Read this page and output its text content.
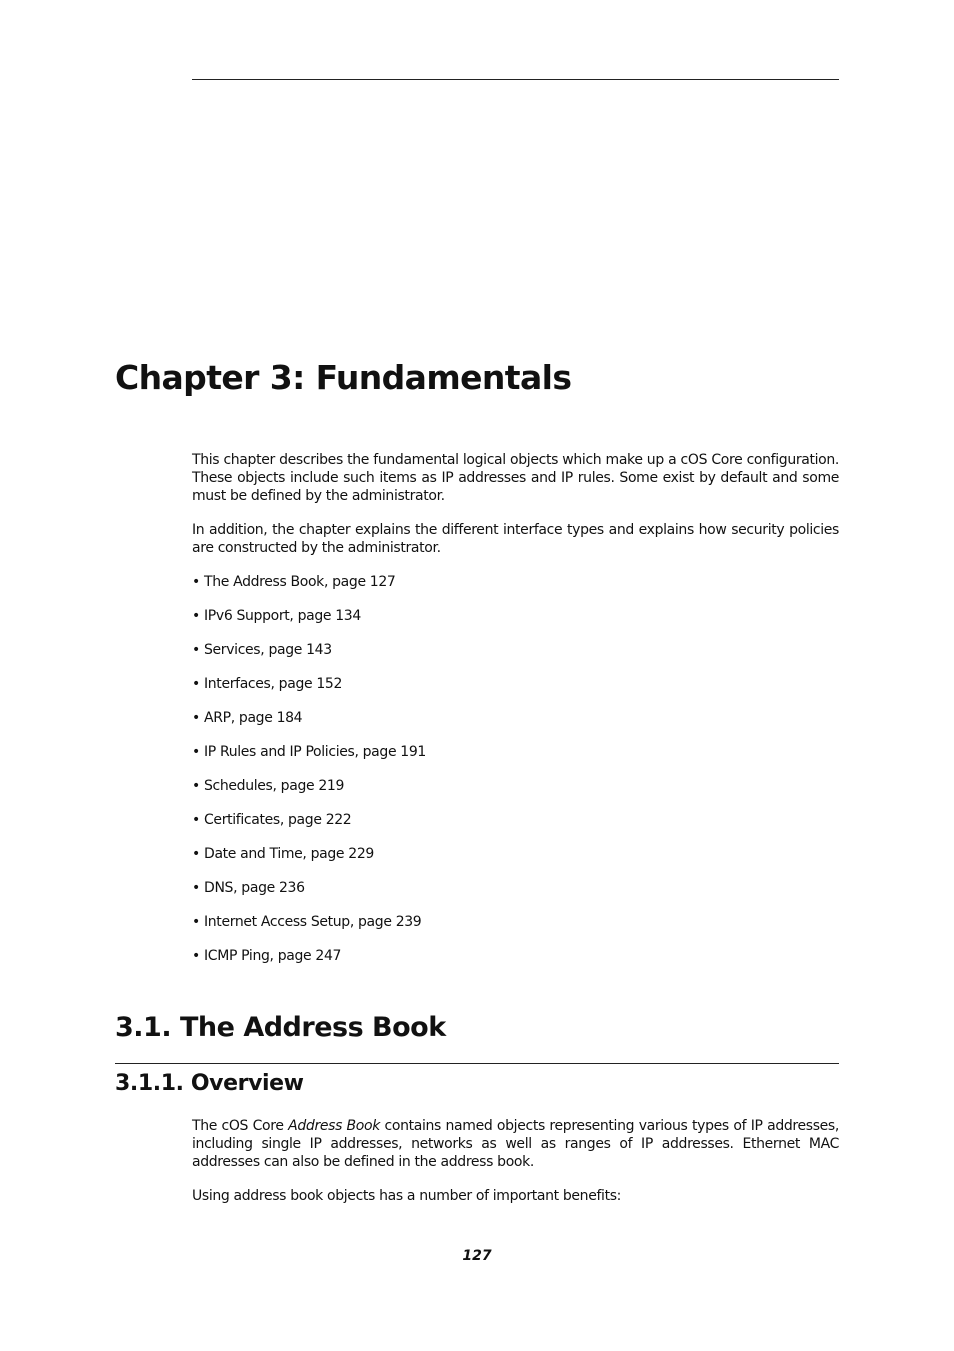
Chapter 3: Fundamentals

This chapter describes the fundamental logical objects which make up a cOS Core configuration. These objects include such items as IP addresses and IP rules. Some exist by default and some must be defined by the administrator.

In addition, the chapter explains the different interface types and explains how security policies are constructed by the administrator.

• The Address Book, page 127
• IPv6 Support, page 134
• Services, page 143
• Interfaces, page 152
• ARP, page 184
• IP Rules and IP Policies, page 191
• Schedules, page 219
• Certificates, page 222
• Date and Time, page 229
• DNS, page 236
• Internet Access Setup, page 239
• ICMP Ping, page 247
3.1. The Address Book
3.1.1. Overview

The cOS Core Address Book contains named objects representing various types of IP addresses, including single IP addresses, networks as well as ranges of IP addresses. Ethernet MAC addresses can also be defined in the address book.

Using address book objects has a number of important benefits:

127
